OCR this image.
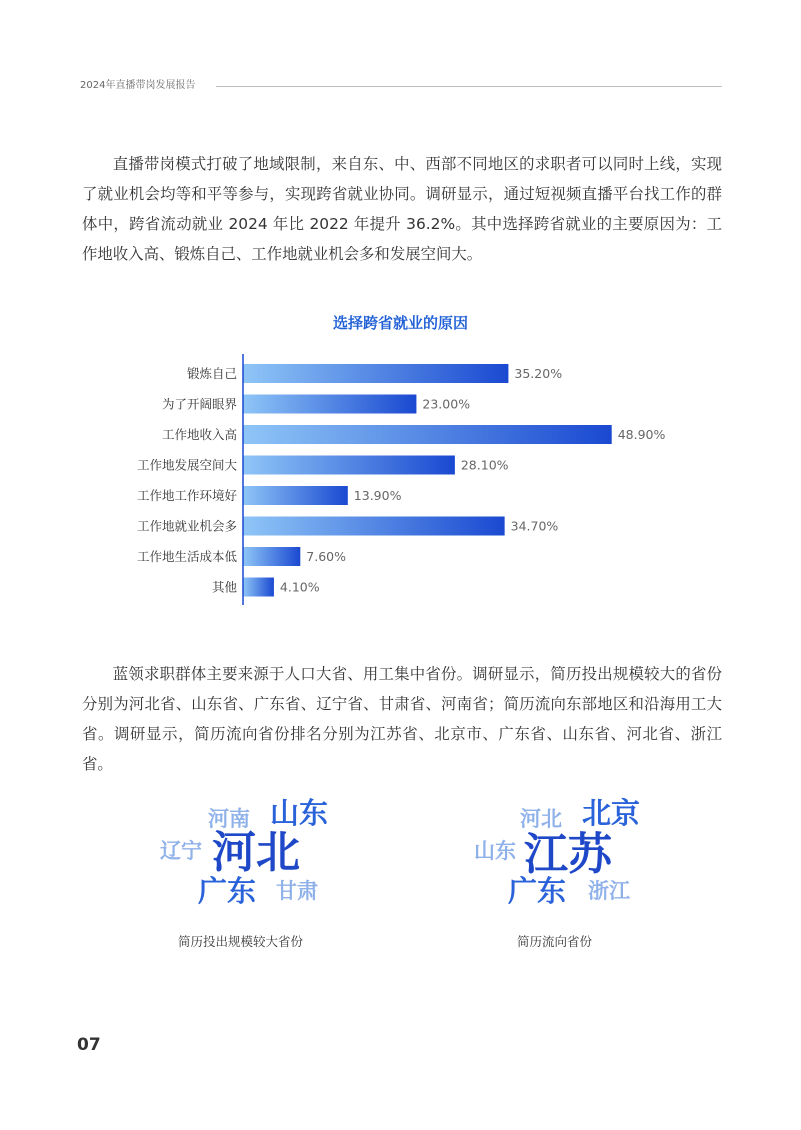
2024年直播带岗发展报告

直播带岗模式打破了地域限制，来自东、中、西部不同地区的求职者可以同时上线，实现了就业机会均等和平等参与，实现跨省就业协同。调研显示，通过短视频直播平台找工作的群体中，跨省流动就业 2024 年比 2022 年提升 36.2%。其中选择跨省就业的主要原因为：工作地收入高、锻炼自己、工作地就业机会多和发展空间大。

选择跨省就业的原因
锻炼自己	35.20%
为了开阔眼界	23.00%
工作地收入高	48.90%
工作地发展空间大	28.10%
工作地工作环境好	13.90%
工作地就业机会多	34.70%
工作地生活成本低	7.60%
其他	4.10%

蓝领求职群体主要来源于人口大省、用工集中省份。调研显示，简历投出规模较大的省份分别为河北省、山东省、广东省、辽宁省、甘肃省、河南省；简历流向东部地区和沿海用工大省。调研显示，简历流向省份排名分别为江苏省、北京市、广东省、山东省、河北省、浙江省。

河南 山东
辽宁 河北
广东 甘肃
简历投出规模较大省份
河北 北京
山东 江苏
广东 浙江
简历流向省份
07
